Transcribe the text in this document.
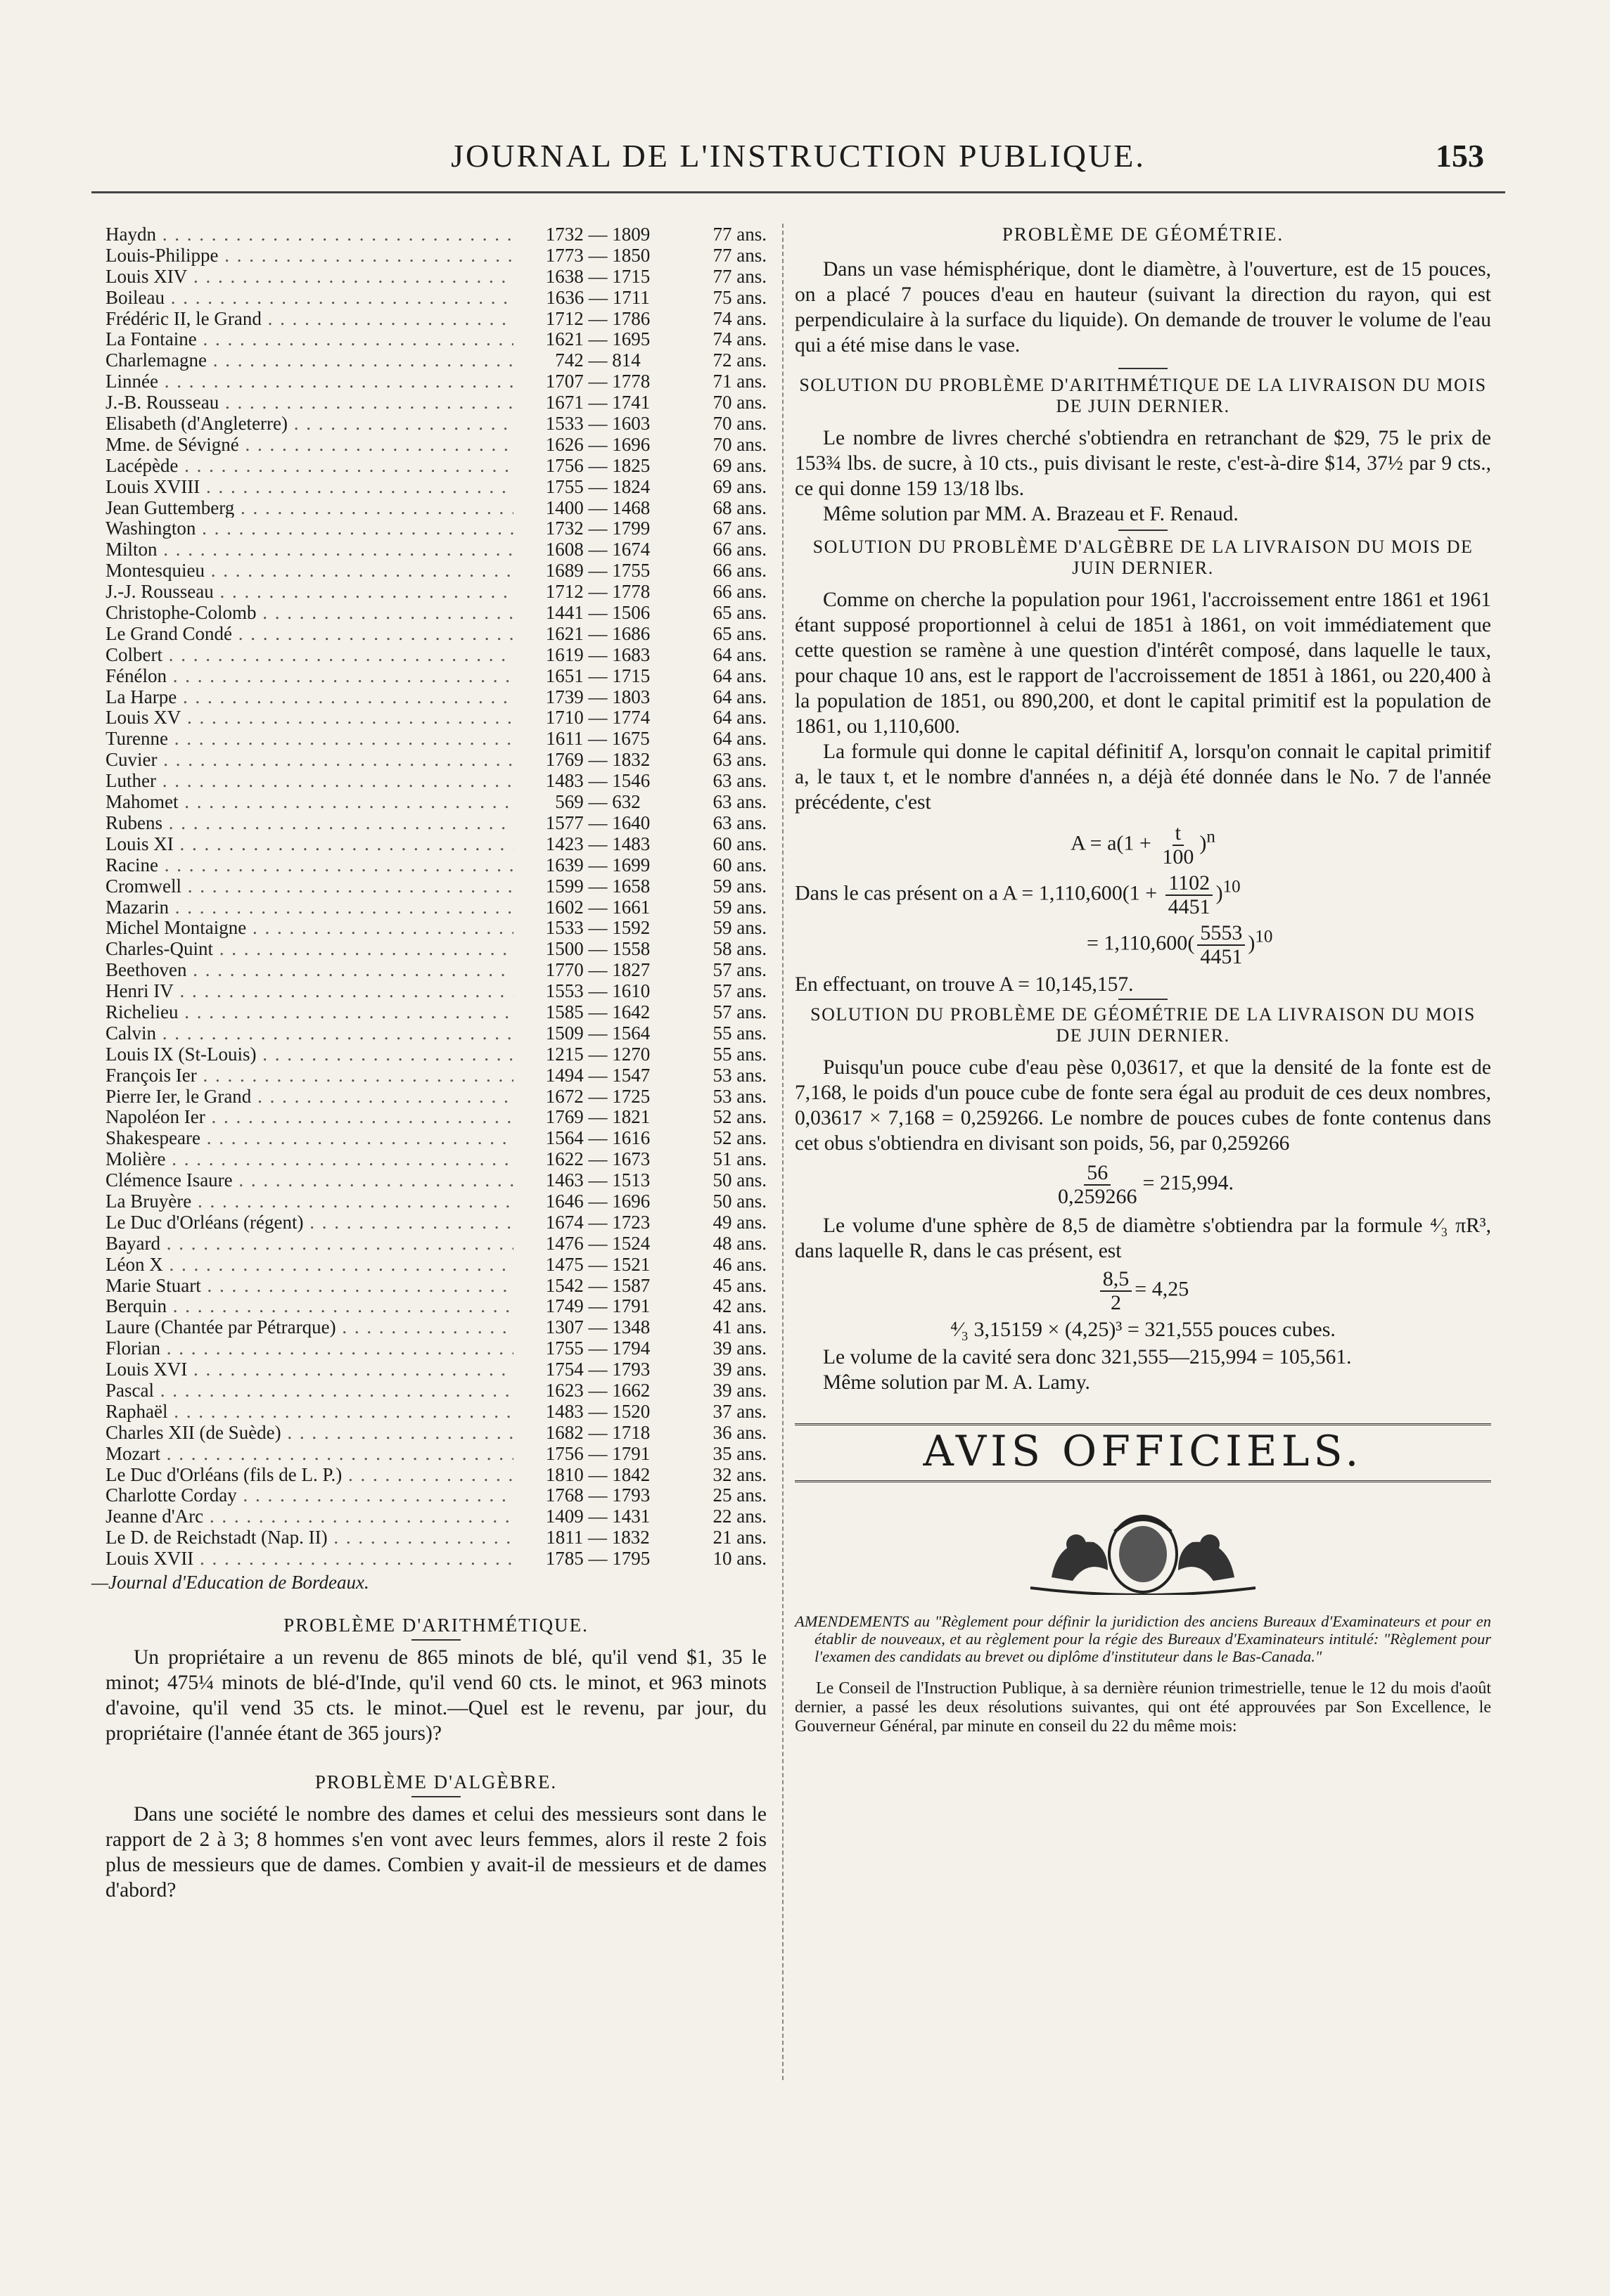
JOURNAL DE L'INSTRUCTION PUBLIQUE.	153
Haydn . . .	1732 — 1809	77 ans.
Louis-Philippe . . .	1773 — 1850	77 ans.
Louis XIV . . .	1638 — 1715	77 ans.
Boileau . . .	1636 — 1711	75 ans.
Frédéric II, le Grand . . .	1712 — 1786	74 ans.
La Fontaine . . .	1621 — 1695	74 ans.
Charlemagne . . .	742 — 814	72 ans.
Linnée . . .	1707 — 1778	71 ans.
J.-B. Rousseau . . .	1671 — 1741	70 ans.
Elisabeth (d'Angleterre) . . .	1533 — 1603	70 ans.
Mme. de Sévigné . . .	1626 — 1696	70 ans.
Lacépède . . .	1756 — 1825	69 ans.
Louis XVIII . . .	1755 — 1824	69 ans.
Jean Guttemberg . . .	1400 — 1468	68 ans.
Washington . . .	1732 — 1799	67 ans.
Milton . . .	1608 — 1674	66 ans.
Montesquieu . . .	1689 — 1755	66 ans.
J.-J. Rousseau . . .	1712 — 1778	66 ans.
Christophe-Colomb . . .	1441 — 1506	65 ans.
Le Grand Condé . . .	1621 — 1686	65 ans.
Colbert . . .	1619 — 1683	64 ans.
Fénélon . . .	1651 — 1715	64 ans.
La Harpe . . .	1739 — 1803	64 ans.
Louis XV . . .	1710 — 1774	64 ans.
Turenne . . .	1611 — 1675	64 ans.
Cuvier . . .	1769 — 1832	63 ans.
Luther . . .	1483 — 1546	63 ans.
Mahomet . . .	569 — 632	63 ans.
Rubens . . .	1577 — 1640	63 ans.
Louis XI . . .	1423 — 1483	60 ans.
Racine . . .	1639 — 1699	60 ans.
Cromwell . . .	1599 — 1658	59 ans.
Mazarin . . .	1602 — 1661	59 ans.
Michel Montaigne . . .	1533 — 1592	59 ans.
Charles-Quint . . .	1500 — 1558	58 ans.
Beethoven . . .	1770 — 1827	57 ans.
Henri IV . . .	1553 — 1610	57 ans.
Richelieu . . .	1585 — 1642	57 ans.
Calvin . . .	1509 — 1564	55 ans.
Louis IX (St-Louis) . . .	1215 — 1270	55 ans.
François Ier . . .	1494 — 1547	53 ans.
Pierre Ier, le Grand . . .	1672 — 1725	53 ans.
Napoléon Ier . . .	1769 — 1821	52 ans.
Shakespeare . . .	1564 — 1616	52 ans.
Molière . . .	1622 — 1673	51 ans.
Clémence Isaure . . .	1463 — 1513	50 ans.
La Bruyère . . .	1646 — 1696	50 ans.
Le Duc d'Orléans (régent) . . .	1674 — 1723	49 ans.
Bayard . . .	1476 — 1524	48 ans.
Léon X . . .	1475 — 1521	46 ans.
Marie Stuart . . .	1542 — 1587	45 ans.
Berquin . . .	1749 — 1791	42 ans.
Laure (Chantée par Pétrarque) . . .	1307 — 1348	41 ans.
Florian . . .	1755 — 1794	39 ans.
Louis XVI . . .	1754 — 1793	39 ans.
Pascal . . .	1623 — 1662	39 ans.
Raphaël . . .	1483 — 1520	37 ans.
Charles XII (de Suède) . . .	1682 — 1718	36 ans.
Mozart . . .	1756 — 1791	35 ans.
Le Duc d'Orléans (fils de L. P.) . . .	1810 — 1842	32 ans.
Charlotte Corday . . .	1768 — 1793	25 ans.
Jeanne d'Arc . . .	1409 — 1431	22 ans.
Le D. de Reichstadt (Nap. II) . . .	1811 — 1832	21 ans.
Louis XVII . . .	1785 — 1795	10 ans.
—Journal d'Education de Bordeaux.
PROBLÈME D'ARITHMÉTIQUE.

Un propriétaire a un revenu de 865 minots de blé, qu'il vend $1, 35 le minot; 475¼ minots de blé-d'Inde, qu'il vend 60 cts. le minot, et 963 minots d'avoine, qu'il vend 35 cts. le minot.—Quel est le revenu, par jour, du propriétaire (l'année étant de 365 jours)?

PROBLÈME D'ALGÈBRE.

Dans une société le nombre des dames et celui des messieurs sont dans le rapport de 2 à 3; 8 hommes s'en vont avec leurs femmes, alors il reste 2 fois plus de messieurs que de dames. Combien y avait-il de messieurs et de dames d'abord?

PROBLÈME DE GÉOMÉTRIE.

Dans un vase hémisphérique, dont le diamètre, à l'ouverture, est de 15 pouces, on a placé 7 pouces d'eau en hauteur (suivant la direction du rayon, qui est perpendiculaire à la surface du liquide). On demande de trouver le volume de l'eau qui a été mise dans le vase.

SOLUTION DU PROBLÈME D'ARITHMÉTIQUE DE LA LIVRAISON DU MOIS DE JUIN DERNIER.

Le nombre de livres cherché s'obtiendra en retranchant de $29, 75 le prix de 153¾ lbs. de sucre, à 10 cts., puis divisant le reste, c'est-à-dire $14, 37½ par 9 cts., ce qui donne 159 13/18 lbs.

Même solution par MM. A. Brazeau et F. Renaud.

SOLUTION DU PROBLÈME D'ALGÈBRE DE LA LIVRAISON DU MOIS DE JUIN DERNIER.

Comme on cherche la population pour 1961, l'accroissement entre 1861 et 1961 étant supposé proportionnel à celui de 1851 à 1861, on voit immédiatement que cette question se ramène à une question d'intérêt composé, dans laquelle le taux, pour chaque 10 ans, est le rapport de l'accroissement de 1851 à 1861, ou 220,400 à la population de 1851, ou 890,200, et dont le capital primitif est la population de 1861, ou 1,110,600.

La formule qui donne le capital définitif A, lorsqu'on connait le capital primitif a, le taux t, et le nombre d'années n, a déjà été donnée dans le No. 7 de l'année précédente, c'est

$A = a(1 + \frac{t}{100} )^n$
Dans le cas présent on a $A = 1,110,600(1 + \frac{1102}{4451} )^{10}$
= $1,110,600( \frac{5553}{4451} )^{10}$

En effectuant, on trouve A = 10,145,157.

SOLUTION DU PROBLÈME DE GÉOMÉTRIE DE LA LIVRAISON DU MOIS DE JUIN DERNIER.

Puisqu'un pouce cube d'eau pèse 0,03617, et que la densité de la fonte est de 7,168, le poids d'un pouce cube de fonte sera égal au produit de ces deux nombres, 0,03617 × 7,168 = 0,259266. Le nombre de pouces cubes de fonte contenus dans cet obus s'obtiendra en divisant son poids, 56, par 0,259266

$\frac{56}{0,259266} = 215,994$.

Le volume d'une sphère de 8,5 de diamètre s'obtiendra par la formule ⁴⁄₃ πR³, dans laquelle R, dans le cas présent, est

$\frac{8,5}{2} = 4,25$
⁴⁄₃ 3,15159 × (4,25)³ = 321,555 pouces cubes.

Le volume de la cavité sera donc 321,555—215,994 = 105,561.

Même solution par M. A. Lamy.

AVIS OFFICIELS.

AMENDEMENTS au "Règlement pour définir la juridiction des anciens Bureaux d'Examinateurs et pour en établir de nouveaux, et au règlement pour la régie des Bureaux d'Examinateurs intitulé: "Règlement pour l'examen des candidats au brevet ou diplôme d'instituteur dans le Bas-Canada."

Le Conseil de l'Instruction Publique, à sa dernière réunion trimestrielle, tenue le 12 du mois d'août dernier, a passé les deux résolutions suivantes, qui ont été approuvées par Son Excellence, le Gouverneur Général, par minute en conseil du 22 du même mois:
